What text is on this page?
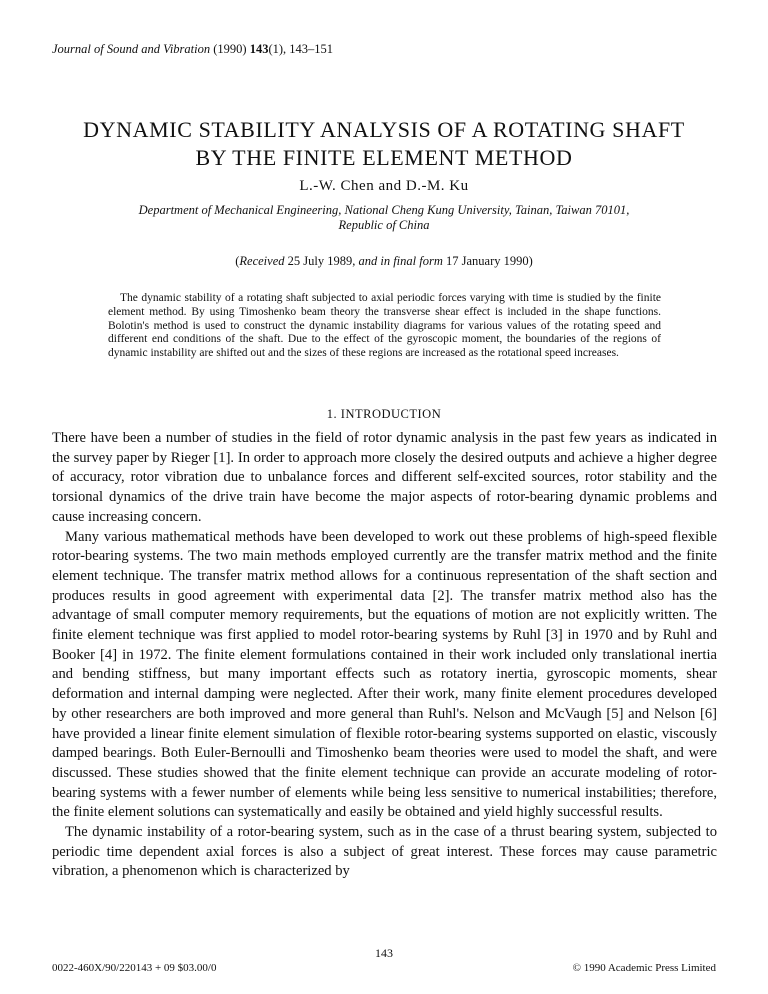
Journal of Sound and Vibration (1990) 143(1), 143–151
DYNAMIC STABILITY ANALYSIS OF A ROTATING SHAFT
BY THE FINITE ELEMENT METHOD
L.-W. Chen and D.-M. Ku
Department of Mechanical Engineering, National Cheng Kung University, Tainan, Taiwan 70101,
Republic of China
(Received 25 July 1989, and in final form 17 January 1990)
The dynamic stability of a rotating shaft subjected to axial periodic forces varying with time is studied by the finite element method. By using Timoshenko beam theory the transverse shear effect is included in the shape functions. Bolotin's method is used to construct the dynamic instability diagrams for various values of the rotating speed and different end conditions of the shaft. Due to the effect of the gyroscopic moment, the boundaries of the regions of dynamic instability are shifted out and the sizes of these regions are increased as the rotational speed increases.
1. INTRODUCTION

There have been a number of studies in the field of rotor dynamic analysis in the past few years as indicated in the survey paper by Rieger [1]. In order to approach more closely the desired outputs and achieve a higher degree of accuracy, rotor vibration due to unbalance forces and different self-excited sources, rotor stability and the torsional dynamics of the drive train have become the major aspects of rotor-bearing dynamic problems and cause increasing concern.

Many various mathematical methods have been developed to work out these problems of high-speed flexible rotor-bearing systems. The two main methods employed currently are the transfer matrix method and the finite element technique. The transfer matrix method allows for a continuous representation of the shaft section and produces results in good agreement with experimental data [2]. The transfer matrix method also has the advantage of small computer memory requirements, but the equations of motion are not explicitly written. The finite element technique was first applied to model rotor-bearing systems by Ruhl [3] in 1970 and by Ruhl and Booker [4] in 1972. The finite element formulations contained in their work included only translational inertia and bending stiffness, but many important effects such as rotatory inertia, gyroscopic moments, shear deformation and internal damping were neglected. After their work, many finite element procedures developed by other researchers are both improved and more general than Ruhl's. Nelson and McVaugh [5] and Nelson [6] have provided a linear finite element simulation of flexible rotor-bearing systems supported on elastic, viscously damped bearings. Both Euler-Bernoulli and Timoshenko beam theories were used to model the shaft, and were discussed. These studies showed that the finite element technique can provide an accurate modeling of rotor-bearing systems with a fewer number of elements while being less sensitive to numerical instabilities; therefore, the finite element solutions can systematically and easily be obtained and yield highly successful results.

The dynamic instability of a rotor-bearing system, such as in the case of a thrust bearing system, subjected to periodic time dependent axial forces is also a subject of great interest. These forces may cause parametric vibration, a phenomenon which is characterized by

143
0022-460X/90/220143 + 09 $03.00/0	© 1990 Academic Press Limited
